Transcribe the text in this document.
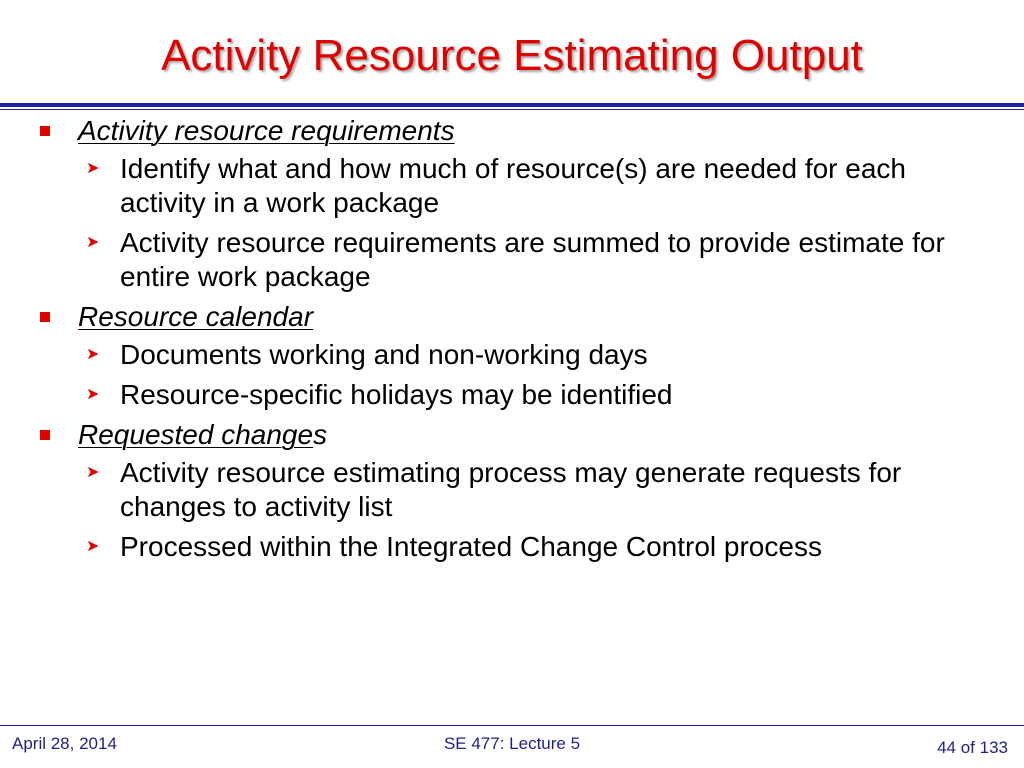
Activity Resource Estimating Output
Activity resource requirements
➤ Identify what and how much of resource(s) are needed for each activity in a work package
➤ Activity resource requirements are summed to provide estimate for entire work package
Resource calendar
➤ Documents working and non-working days
➤ Resource-specific holidays may be identified
Requested changes
➤ Activity resource estimating process may generate requests for changes to activity list
➤ Processed within the Integrated Change Control process
April 28, 2014	SE 477: Lecture 5	44 of 133
